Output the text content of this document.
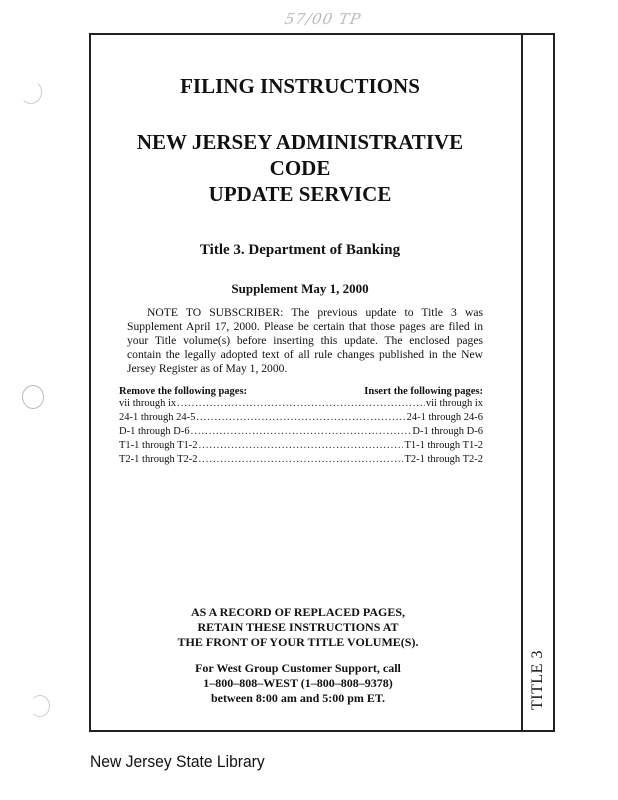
57/00 TP
TITLE 3
FILING INSTRUCTIONS
NEW JERSEY ADMINISTRATIVE CODE
UPDATE SERVICE
Title 3. Department of Banking
Supplement May 1, 2000
NOTE TO SUBSCRIBER: The previous update to Title 3 was Supplement April 17, 2000. Please be certain that those pages are filed in your Title volume(s) before inserting this update. The enclosed pages contain the legally adopted text of all rule changes published in the New Jersey Register as of May 1, 2000.
Remove the following pages:	Insert the following pages:
vii through ix .....	vii through ix
24-1 through 24-5 .....	24-1 through 24-6
D-1 through D-6 .....	D-1 through D-6
T1-1 through T1-2 .....	T1-1 through T1-2
T2-1 through T2-2 .....	T2-1 through T2-2
AS A RECORD OF REPLACED PAGES,
RETAIN THESE INSTRUCTIONS AT
THE FRONT OF YOUR TITLE VOLUME(S).
For West Group Customer Support, call
1–800–808–WEST (1–800–808–9378)
between 8:00 am and 5:00 pm ET.
New Jersey State Library
